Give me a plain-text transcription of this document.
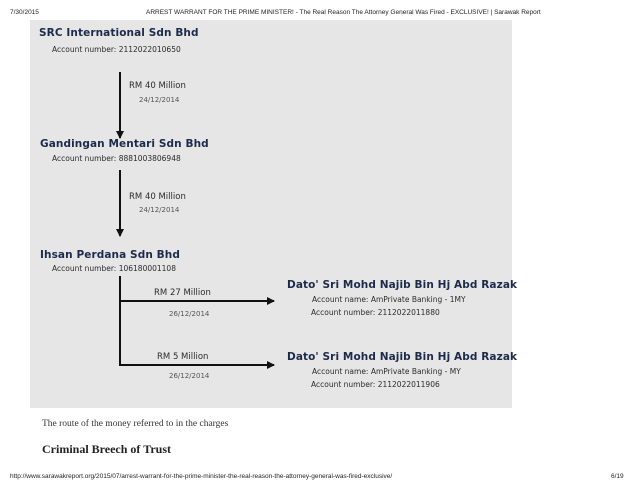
7/30/2015	ARREST WARRANT FOR THE PRIME MINISTER! - The Real Reason The Attorney General Was Fired - EXCLUSIVE! | Sarawak Report
SRC International Sdn Bhd
Account number: 2112022010650
RM 40 Million
24/12/2014
Gandingan Mentari Sdn Bhd
Account number: 8881003806948
RM 40 Million
24/12/2014
Ihsan Perdana Sdn Bhd
Account number: 106180001108
RM 27 Million
26/12/2014
RM 5 Million
26/12/2014
Dato' Sri Mohd Najib Bin Hj Abd Razak
Account name: AmPrivate Banking - 1MY
Account number: 2112022011880
Dato' Sri Mohd Najib Bin Hj Abd Razak
Account name: AmPrivate Banking - MY
Account number: 2112022011906
The route of the money referred to in the charges
Criminal Breech of Trust
http://www.sarawakreport.org/2015/07/arrest-warrant-for-the-prime-minister-the-real-reason-the-attorney-general-was-fired-exclusive/	6/19
